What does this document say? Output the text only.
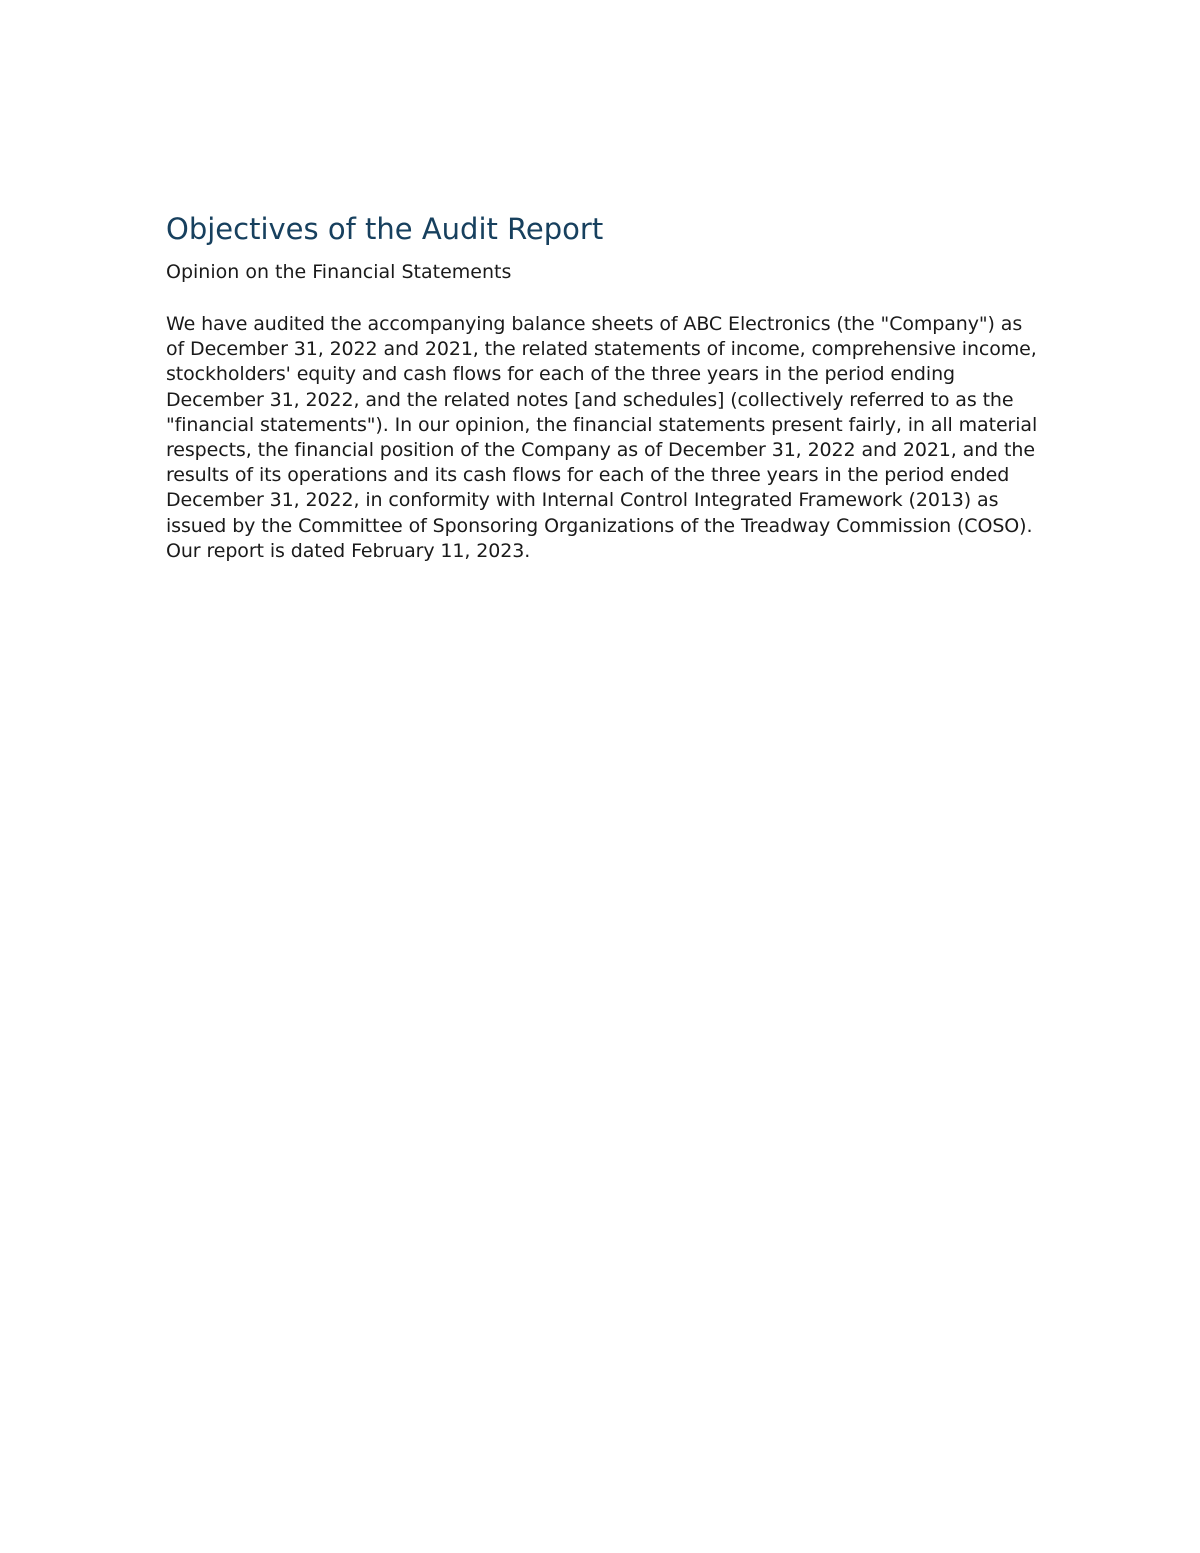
Objectives of the Audit Report
Opinion on the Financial Statements

We have audited the accompanying balance sheets of ABC Electronics (the "Company") as of December 31, 2022 and 2021, the related statements of income, comprehensive income, stockholders' equity and cash flows for each of the three years in the period ending December 31, 2022, and the related notes [and schedules] (collectively referred to as the "financial statements"). In our opinion, the financial statements present fairly, in all material respects, the financial position of the Company as of December 31, 2022 and 2021, and the results of its operations and its cash flows for each of the three years in the period ended December 31, 2022, in conformity with Internal Control Integrated Framework (2013) as issued by the Committee of Sponsoring Organizations of the Treadway Commission (COSO). Our report is dated February 11, 2023.
